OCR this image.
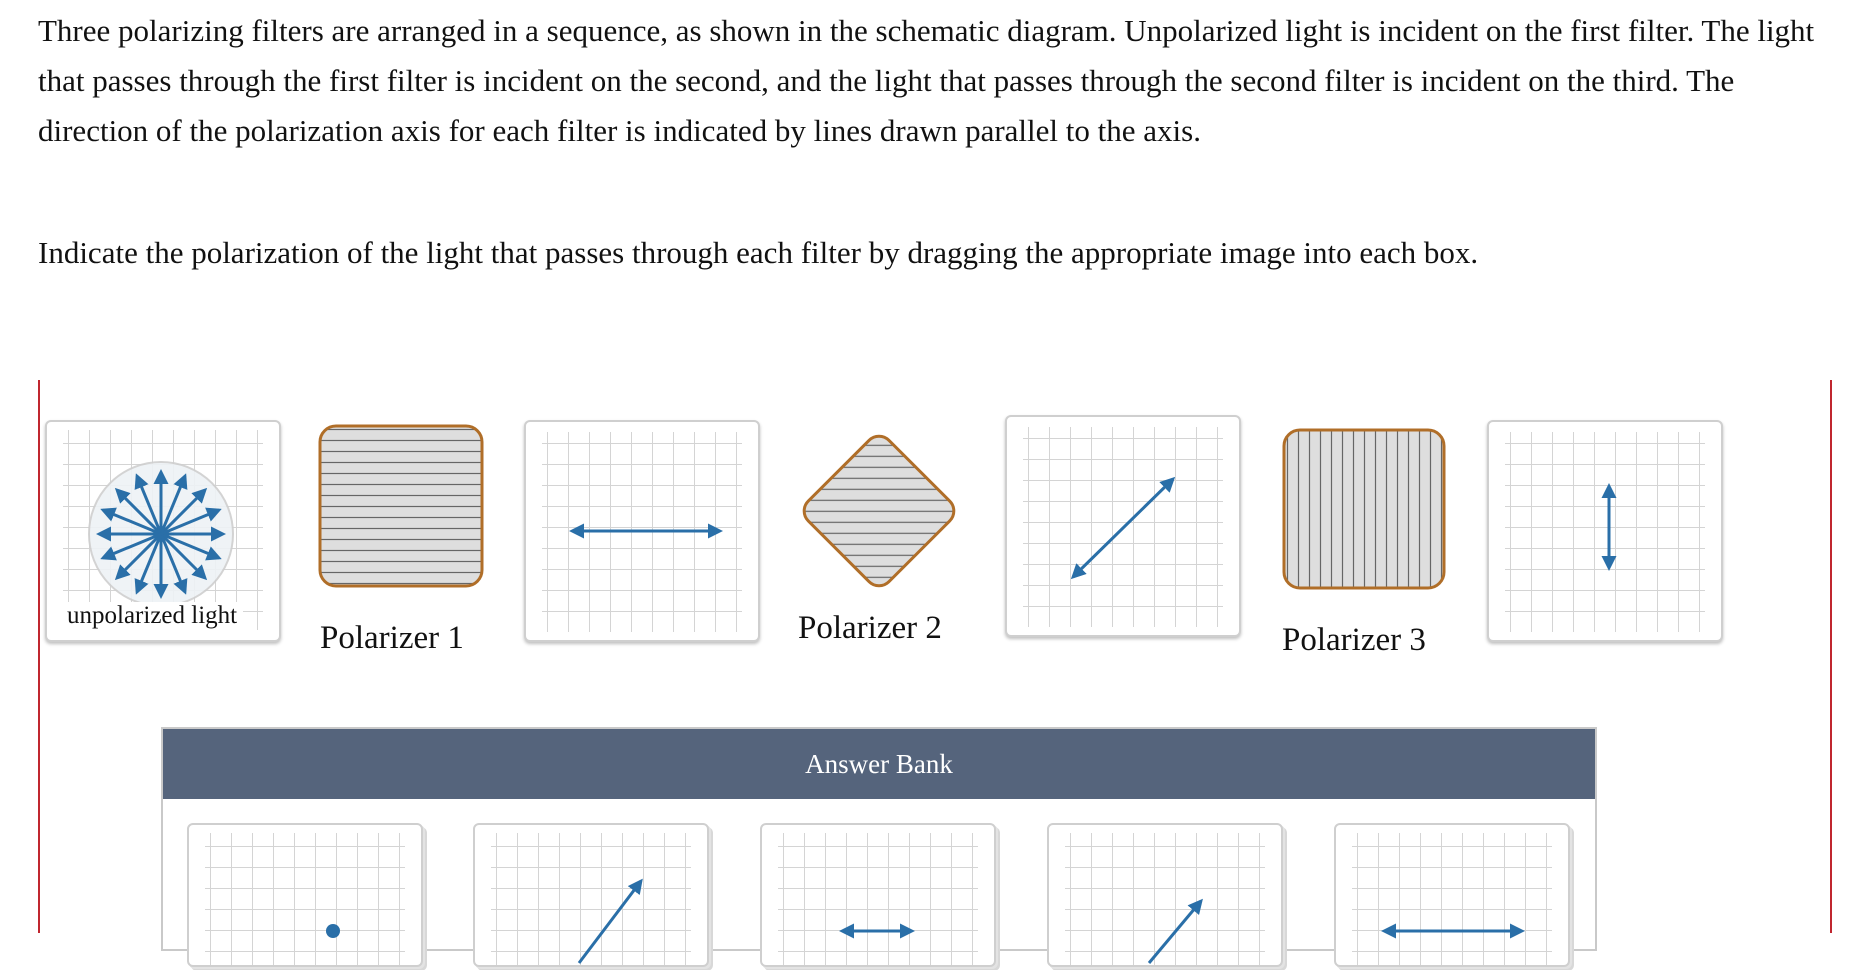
Three polarizing filters are arranged in a sequence, as shown in the schematic diagram. Unpolarized light is incident on the first filter. The light that passes through the first filter is incident on the second, and the light that passes through the second filter is incident on the third. The direction of the polarization axis for each filter is indicated by lines drawn parallel to the axis.

Indicate the polarization of the light that passes through each filter by dragging the appropriate image into each box.

unpolarized light
Polarizer 1	Polarizer 2	Polarizer 3
Answer Bank
